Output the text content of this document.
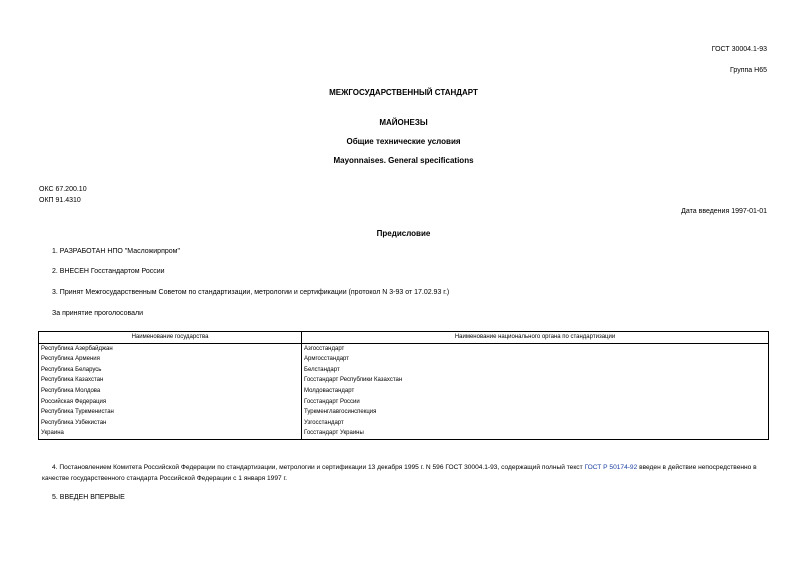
ГОСТ 30004.1-93
Группа Н65
МЕЖГОСУДАРСТВЕННЫЙ СТАНДАРТ
МАЙОНЕЗЫ
Общие технические условия
Mayonnaises. General specifications
ОКС 67.200.10
ОКП 91.4310
Дата введения 1997-01-01
Предисловие
1. РАЗРАБОТАН НПО "Масложирпром"
2. ВНЕСЕН Госстандартом России
3. Принят Межгосударственным Советом по стандартизации, метрологии и сертификации (протокол N 3-93 от 17.02.93 г.)
За принятие проголосовали
Наименование государства	Наименование национального органа по стандартизации
Республика Азербайджан	Азгосстандарт
Республика Армения	Армгосстандарт
Республика Беларусь	Белстандарт
Республика Казахстан	Госстандарт Республики Казахстан
Республика Молдова	Молдовастандарт
Российская Федерация	Госстандарт России
Республика Туркменистан	Туркменглавгосинспекция
Республика Узбекистан	Узгосстандарт
Украина	Госстандарт Украины
4. Постановлением Комитета Российской Федерации по стандартизации, метрологии и сертификации 13 декабря 1995 г. N 596 ГОСТ 30004.1-93, содержащий полный текст ГОСТ Р 50174-92 введен в действие непосредственно в качестве государственного стандарта Российской Федерации с 1 января 1997 г.
5. ВВЕДЕН ВПЕРВЫЕ
